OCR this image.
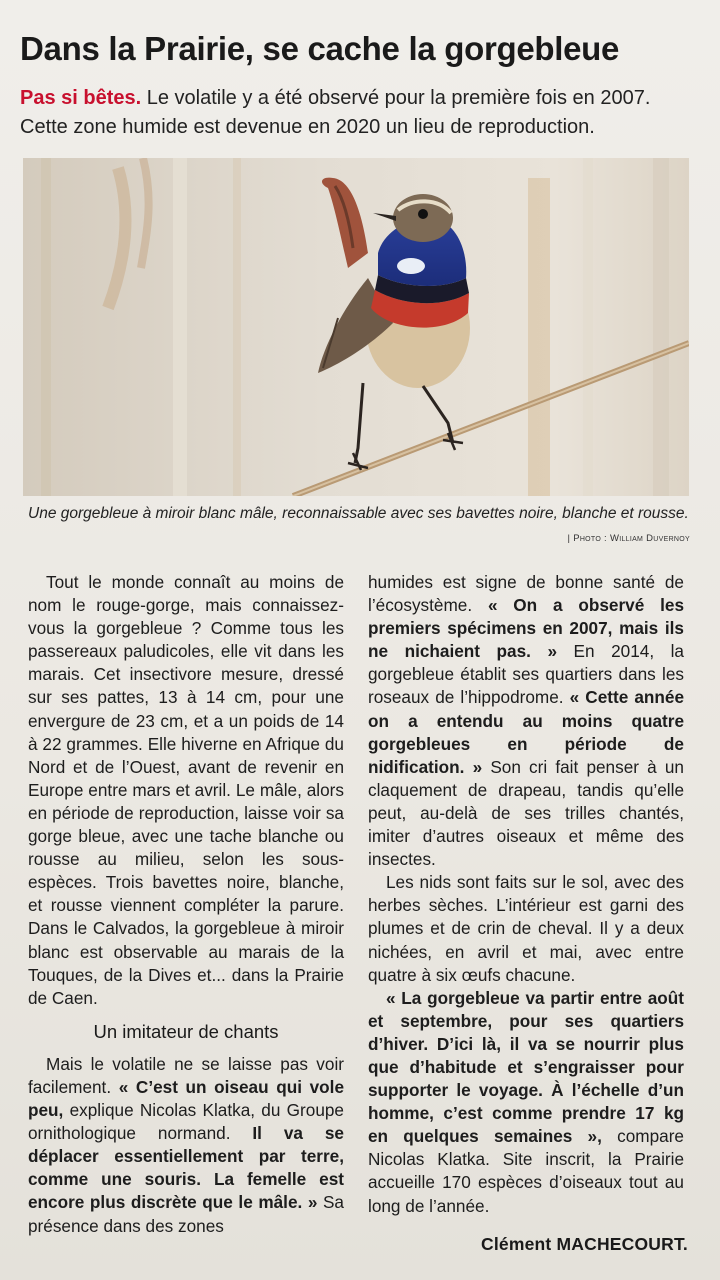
Dans la Prairie, se cache la gorgebleue
Pas si bêtes. Le volatile y a été observé pour la première fois en 2007. Cette zone humide est devenue en 2020 un lieu de reproduction.
Une gorgebleue à miroir blanc mâle, reconnaissable avec ses bavettes noire, blanche et rousse.
| Photo : William Duvernoy

Tout le monde connaît au moins de nom le rouge-gorge, mais connaissez-vous la gorgebleue ? Comme tous les passereaux paludicoles, elle vit dans les marais. Cet insectivore mesure, dressé sur ses pattes, 13 à 14 cm, pour une envergure de 23 cm, et a un poids de 14 à 22 grammes. Elle hiverne en Afrique du Nord et de l’Ouest, avant de revenir en Europe entre mars et avril. Le mâle, alors en période de reproduction, laisse voir sa gorge bleue, avec une tache blanche ou rousse au milieu, selon les sous-espèces. Trois bavettes noire, blanche, et rousse viennent compléter la parure. Dans le Calvados, la gorgebleue à miroir blanc est observable au marais de la Touques, de la Dives et... dans la Prairie de Caen.

Un imitateur de chants

Mais le volatile ne se laisse pas voir facilement. « C’est un oiseau qui vole peu, explique Nicolas Klatka, du Groupe ornithologique normand. Il va se déplacer essentiellement par terre, comme une souris. La femelle est encore plus discrète que le mâle. » Sa présence dans des zones

humides est signe de bonne santé de l’écosystème. « On a observé les premiers spécimens en 2007, mais ils ne nichaient pas. » En 2014, la gorgebleue établit ses quartiers dans les roseaux de l’hippodrome. « Cette année on a entendu au moins quatre gorgebleues en période de nidification. » Son cri fait penser à un claquement de drapeau, tandis qu’elle peut, au-delà de ses trilles chantés, imiter d’autres oiseaux et même des insectes.

Les nids sont faits sur le sol, avec des herbes sèches. L’intérieur est garni des plumes et de crin de cheval. Il y a deux nichées, en avril et mai, avec entre quatre à six œufs chacune.

« La gorgebleue va partir entre août et septembre, pour ses quartiers d’hiver. D’ici là, il va se nourrir plus que d’habitude et s’engraisser pour supporter le voyage. À l’échelle d’un homme, c’est comme prendre 17 kg en quelques semaines », compare Nicolas Klatka. Site inscrit, la Prairie accueille 170 espèces d’oiseaux tout au long de l’année.

Clément MACHECOURT.
